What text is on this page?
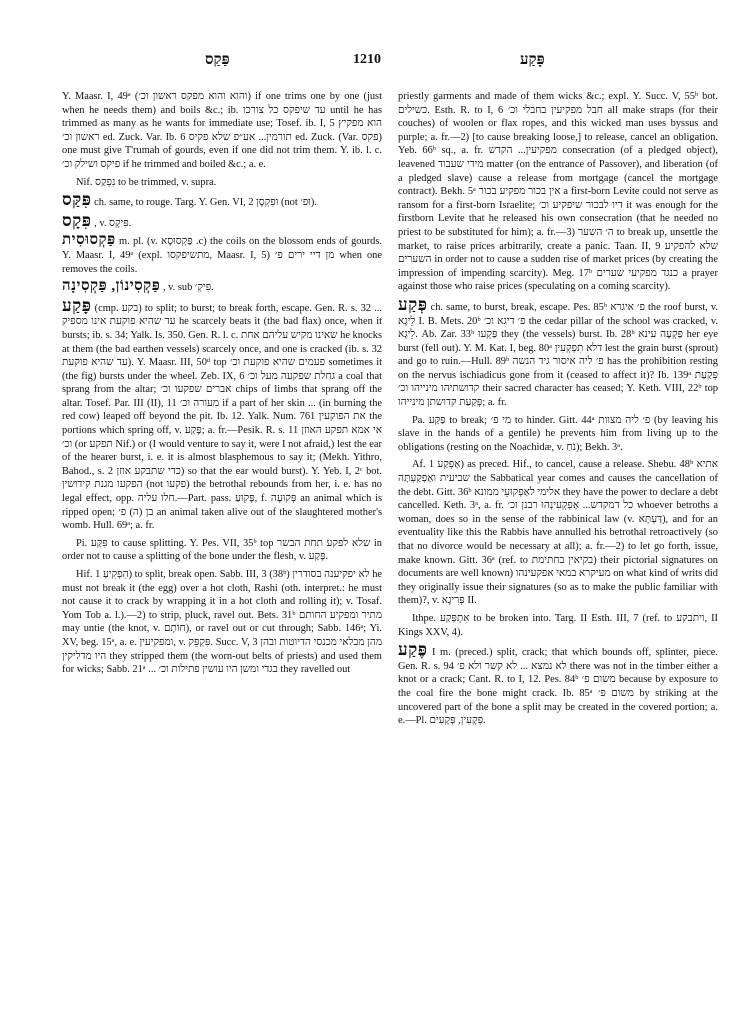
פַּקַס	1210	פָּקַע

Y. Maasr. I, 49ᵃ (והוא והוא מפקס ראשון וכ׳) if one trims one by one (just when he needs them) and boils &c.; ib. עד שיפקס כל צורכו until he has trimmed as many as he wants for immediate use; Tosef. ib. I, 5 הוא מפקיץ ראשון וכ׳ ed. Zuck. Var. Ib. 6 תורמין... אע״פ שלא פקיס ed. Zuck. (Var. פקס) one must give T'rumah of gourds, even if one did not trim them. Y. ib. l. c. פיקס ושילק וכ׳ if he trimmed and boiled &c.; a. e.

Nif. נִפְקַס to be trimmed, v. supra.

פִּקַּס ch. same, to rouge. Targ. Y. Gen. VI, 2 וּפִקְסָן (not וּפ׳).

פִּקָס , v. פִּיקָס.

פַּקְסוּסִית m. pl. (v. פַּקְסוּסָא .c) the coils on the blossom ends of gourds. Y. Maasr. I, 49ᵃ (expl. מתשיפקסו, Maasr. I, 5) מן דיי ירים פ׳ when one removes the coils.

פַּקְסִינוֹן, פַּקְסִינָה , v. sub פִּיקְ׳.

פָּקַע (cmp. בקע) to split; to burst; to break forth, escape. Gen. R. s. 32 ... עד שהיא פוקעת אינו מספיק he scarcely beats it (the bad flax) once, when it bursts; ib. s. 34; Yalk. Is. 350. Gen. R. l. c. שאינו מקיש עליהם אחת he knocks at them (the bad earthen vessels) scarcely once, and one is cracked (ib. s. 32 עד שהיא פוקעת). Y. Maasr. III, 50ᵈ top פעמים שהיא פוקעת וכ׳ sometimes it (the fig) bursts under the wheel. Zeb. IX, 6 גחלת שפקעה מעל וכ׳ a coal that sprang from the altar; אברים שפקעו וכ׳ chips of limbs that sprang off the altar. Tosef. Par. III (II), 11 מעורה וכ׳ if a part of her skin ... (in burning the red cow) leaped off beyond the pit. Ib. 12. Yalk. Num. 761 את הפוקעין the portions which spring off, v. פָּקַע; a. fr.—Pesik. R. s. 11 אי אמא תפקע האוזן וכ׳ (or תפקע Nif.) or (I would venture to say it, were I not afraid,) lest the ear of the hearer burst, i. e. it is almost blasphemous to say it; (Mekh. Yithro, Bahod., s. 2 כדי שתבקע אוזן) so that the ear would burst). Y. Yeb. I, 2ᶜ bot. הפקעו מגנת קידושין (not פקעו) the betrothal rebounds from her, i. e. has no legal effect, opp. חלו עליה.—Part. pass. פָּקוּעַ, f. פְּקוּעָה an animal which is ripped open; בן (ה) פ׳ an animal taken alive out of the slaughtered mother's womb. Hull. 69ᵃ; a. fr.

Pi. פִּקַּע to cause splitting. Y. Pes. VII, 35ᵇ top שלא לפקע תחת הבשר in order not to cause a splitting of the bone under the flesh, v. פָּקַע.

Hif. הִפְקִיעַ 1) to split, break open. Sabb. III, 3 (38ᵇ) לא יפקיענה בסודרין he must not break it (the egg) over a hot cloth, Rashi (oth. interpret.: he must not cause it to crack by wrapping it in a hot cloth and rolling it); v. Tosaf. Yom Tob a. l.).—2) to strip, pluck, ravel out. Bets. 31ᵇ מתיר ומפקיע החותם may untie (the knot, v. חוֹתָם), or ravel out or cut through; Sabb. 146ᵃ; Yi. XV, beg. 15ᵃ, a. e. ומפקיעין, v. פִּקְפֵּק. Succ. V, 3 מהן מבלאי מכנסי הדיוטות ובהן היו מדליקין they stripped them (the worn-out belts of priests) and used them for wicks; Sabb. 21ᵃ ... בגדי ומשן היו עושין פתילות וכ׳ they ravelled out

priestly garments and made of them wicks &c.; expl. Y. Succ. V, 55ᵇ bot. כשילים. Esth. R. to I, 6 חבל מפקיעין בחבלי וכ׳ all make straps (for their couches) of woolen or flax ropes, and this wicked man uses byssus and purple; a. fr.—2) [to cause breaking loose,] to release, cancel an obligation. Yeb. 66ᵇ sq., a. fr. מפקיעין... הקדש consecration (of a pledged object), leavened מידי שעבוד matter (on the entrance of Passover), and liberation (of a pledged slave) cause a release from mortgage (cancel the mortgage contract). Bekh. 5ᵃ אין בכור מפקיע בכור a first-born Levite could not serve as ransom for a first-born Israelite; דיו לבכור שיפקיע וכ׳ it was enough for the firstborn Levite that he released his own consecration (that he needed no priest to be substituted for him); a. fr.—3) ה׳ השער to break up, unsettle the market, to raise prices arbitrarily, create a panic. Taan. II, 9 שלא להפקיע השערים in order not to cause a sudden rise of market prices (by creating the impression of impending scarcity). Meg. 17ᵇ כנגד מפקיעי שערים a prayer against those who raise prices (speculating on a coming scarcity).

פְּקַע ch. same, to burst, break, escape. Pes. 85ᵇ פ׳ איגרא the roof burst, v. לֵיגָא I. B. Mets. 20ᵇ פ׳ דיגא וכ׳ the cedar pillar of the school was cracked, v. לֵיגָא. Ab. Zar. 33ᵇ פַּקְעוּ they (the vessels) burst. Ib. 28ᵇ פַּקְעָה עינא her eye burst (fell out). Y. M. Kat. I, beg. 80ᵃ דלא תִפְקְעִין lest the grain burst (sprout) and go to ruin.—Hull. 89ᵇ פ׳ ליה איסור גיד הנשה has the prohibition resting on the nervus ischiadicus gone from it (ceased to affect it)? Ib. 139ᵃ פְּקַעַת קדושתיהו מינייהו וכ׳ their sacred character has ceased; Y. Keth. VIII, 22ᵇ top פְּקַעַת קדושתן מינייהו; a. fr.

Pa. פַּקַּע to break; מי פ׳ to hinder. Gitt. 44ᵃ פ׳ ליה מצוות (by leaving his slave in the hands of a gentile) he prevents him from living up to the obligations (resting on the Noachidæ, v. נֹחַ); Bekh. 3ᵃ.

Af. אַפְקַע 1) as preced. Hif., to cancel, cause a release. Shebu. 48ᵇ אתיא שביעית ואַפְקַעְתָּה the Sabbatical year comes and causes the cancellation of the debt. Gitt. 36ᵇ אלימי לאַפְקוּעֵי ממונא they have the power to declare a debt cancelled. Keth. 3ᵃ, a. fr. כל דמקדש... אַפְקְעִינְהוּ רבנן וכ׳ whoever betroths a woman, does so in the sense of the rabbinical law (v. דַּעְתָּא), and for an eventuality like this the Rabbis have annulled his betrothal retroactively (so that no divorce would be necessary at all); a. fr.—2) to let go forth, issue, make known. Gitt. 36ᵃ (ref. to בקיאין בחתימת) their pictorial signatures on documents are well known) מעיקרא במאי אפקעינהו on what kind of writs did they originally issue their signatures (so as to make the public familiar with them)?, v. פְּרִיגָא II.

Ithpe. אִתְפְּקַע to be broken into. Targ. II Esth. III, 7 (ref. to ויתבקע, II Kings XXV, 4).

פֶּקַע I m. (preced.) split, crack; that which bounds off, splinter, piece. Gen. R. s. 94 לא נמצא ... לא קשר ולא פ׳ there was not in the timber either a knot or a crack; Cant. R. to I, 12. Pes. 84ᵇ משום פ׳ because by exposure to the coal fire the bone might crack. Ib. 85ᵃ משום פ׳ by striking at the uncovered part of the bone a split may be created in the covered portion; a. e.—Pl. פְּקָעִין, פְּקָעִים.
